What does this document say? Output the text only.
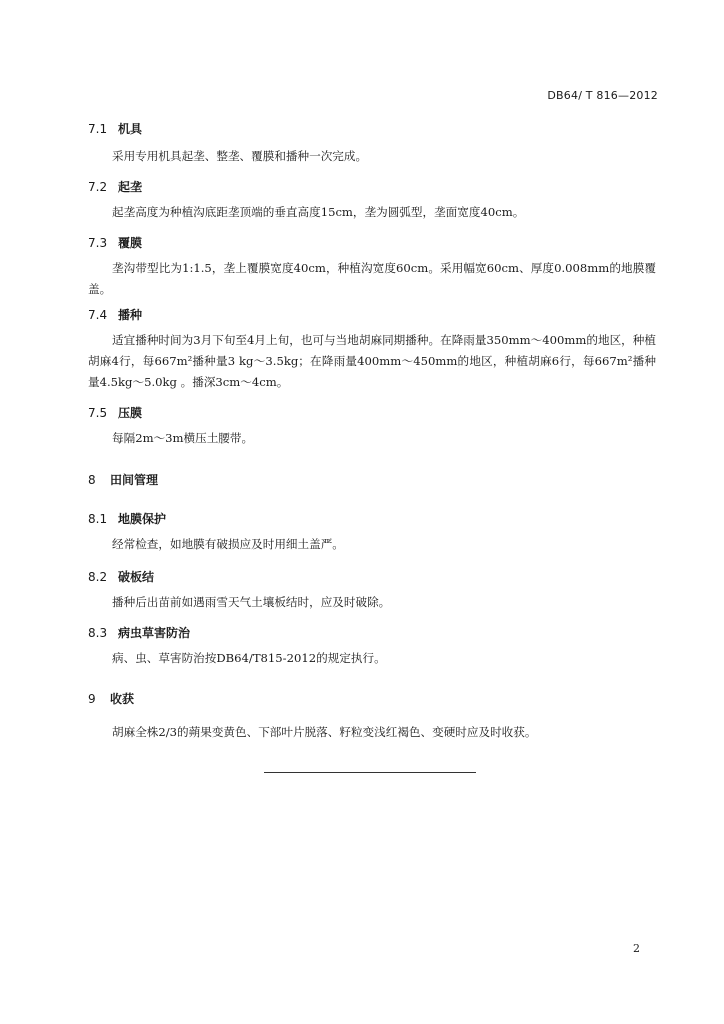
DB64/ T 816—2012
7.1 机具
采用专用机具起垄、整垄、覆膜和播种一次完成。
7.2 起垄
起垄高度为种植沟底距垄顶端的垂直高度15cm，垄为圆弧型，垄面宽度40cm。
7.3 覆膜
垄沟带型比为1:1.5，垄上覆膜宽度40cm，种植沟宽度60cm。采用幅宽60cm、厚度0.008mm的地膜覆盖。
7.4 播种
适宜播种时间为3月下旬至4月上旬，也可与当地胡麻同期播种。在降雨量350mm～400mm的地区，种植胡麻4行，每667m²播种量3 kg～3.5kg；在降雨量400mm～450mm的地区，种植胡麻6行，每667m²播种量4.5kg～5.0kg 。播深3cm～4cm。
7.5 压膜
每隔2m～3m横压土腰带。
8 田间管理
8.1 地膜保护
经常检查，如地膜有破损应及时用细土盖严。
8.2 破板结
播种后出苗前如遇雨雪天气土壤板结时，应及时破除。
8.3 病虫草害防治
病、虫、草害防治按DB64/T815-2012的规定执行。
9 收获
胡麻全株2/3的蒴果变黄色、下部叶片脱落、籽粒变浅红褐色、变硬时应及时收获。
2
